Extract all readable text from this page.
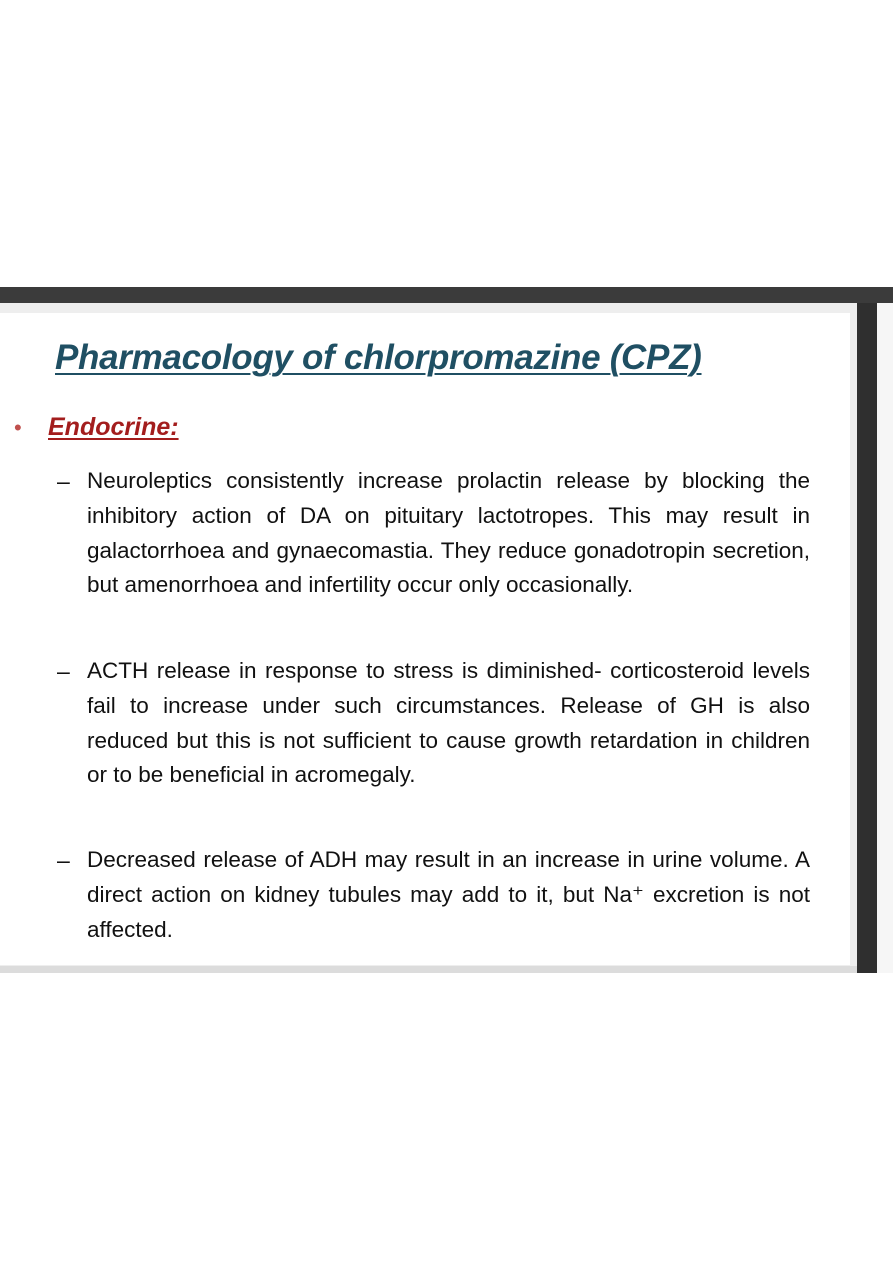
Pharmacology of chlorpromazine (CPZ)
•	Endocrine:
– Neuroleptics consistently increase prolactin release by blocking the inhibitory action of DA on pituitary lactotropes. This may result in galactorrhoea and gynaecomastia. They reduce gonadotropin secretion, but amenorrhoea and infertility occur only occasionally.

– ACTH release in response to stress is diminished- corticosteroid levels fail to increase under such circumstances. Release of GH is also reduced but this is not sufficient to cause growth retardation in children or to be beneficial in acromegaly.

– Decreased release of ADH may result in an increase in urine volume. A direct action on kidney tubules may add to it, but Na⁺ excretion is not affected.
